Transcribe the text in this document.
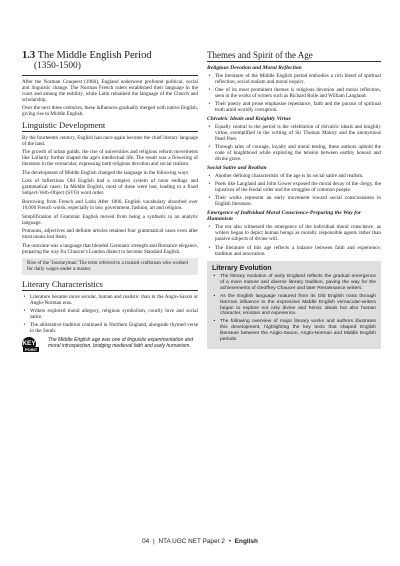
1.3 The Middle English Period
(1350-1500)

After the Norman Conquest (1066), England underwent profound political, social and linguistic change. The Norman French rulers established their language in the court and among the nobility, while Latin remained the language of the Church and scholarship.

Over the next three centuries, these influences gradually merged with native English, giving rise to Middle English.

Linguistic Development

By the fourteenth century, English had once again become the chief literary language of the land.

The growth of urban guilds, the rise of universities and religious reform movements like Lollardy further shaped the age's intellectual life. The result was a flowering of literature in the vernacular, expressing both religious devotion and social realism.

The development of Middle English changed the language in the following ways

Loss of Inflections Old English had a complex system of noun endings and grammatical cases. In Middle English, most of these were lost, leading to a fixed Subject-Verb-Object (SVO) word order.

Borrowing from French and Latin After 1066, English vocabulary absorbed over 10,000 French words, especially in law, government, fashion, art and religion.

Simplification of Grammar English moved from being a synthetic to an analytic language.

Pronouns, adjectives and definite articles retained four grammatical cases even after most nouns lost them.

The outcome was a language that blended Germanic strength and Romance elegance, preparing the way for Chaucer's London dialect to become Standard English.

Rise of the 'Journeyman' The term referred to a trained craftsman who worked for daily wages under a master.
Literary Characteristics
• Literature became more secular, human and realistic than in the Anglo-Saxon or Anglo-Norman eras.
• Writers explored moral allegory, religious symbolism, courtly love and social satire.
• The alliterative tradition continued in Northern England, alongside rhymed verse in the South.
KEY
POINT
The Middle English age was one of linguistic experimentation and moral introspection, bridging medieval faith and early humanism.
Themes and Spirit of the Age
Religious Devotion and Moral Reflection
• The literature of the Middle English period embodies a rich blend of spiritual reflection, social realism and moral inquiry.
• One of its most prominent themes is religious devotion and moral reflection, seen in the works of writers such as Richard Rolle and William Langland.
• Their poetry and prose emphasise repentance, faith and the pursuit of spiritual truth amid worldly corruption.
Chivalric Ideals and Knightly Virtue
• Equally central to the period is the celebration of chivalric ideals and knightly virtue, exemplified in the writing of Sir Thomas Malory and the anonymous Pearl Poet.
• Through tales of courage, loyalty and moral testing, these authors uphold the code of knighthood while exploring the tension between earthly honour and divine grace.
Social Satire and Realism
• Another defining characteristic of the age is its social satire and realism.
• Poets like Langland and John Gower exposed the moral decay of the clergy, the injustices of the feudal order and the struggles of common people.
• Their works represent an early movement toward social consciousness in English literature.
Emergence of Individual Moral Conscience-Preparing the Way for Humanism
• The era also witnessed the emergence of the individual moral conscience, as writers began to depict human beings as morally responsible agents rather than passive subjects of divine will.
• The literature of this age reflects a balance between faith and experience, tradition and innovation.
Literary Evolution
• The literary evolution of early England reflects the gradual emergence of a more mature and diverse literary tradition, paving the way for the achievements of Geoffrey Chaucer and later Renaissance writers.
• As the English language matured from its Old English roots through Norman influence to the expressive Middle English vernacular-writers began to explore not only divine and heroic ideals but also human character, emotion and experience.
• The following overview of major literary works and authors illustrates this development, highlighting the key texts that shaped English literature between the Anglo-Saxon, Anglo-Norman and Middle English periods.
04 | NTA UGC NET Paper 2 • English
